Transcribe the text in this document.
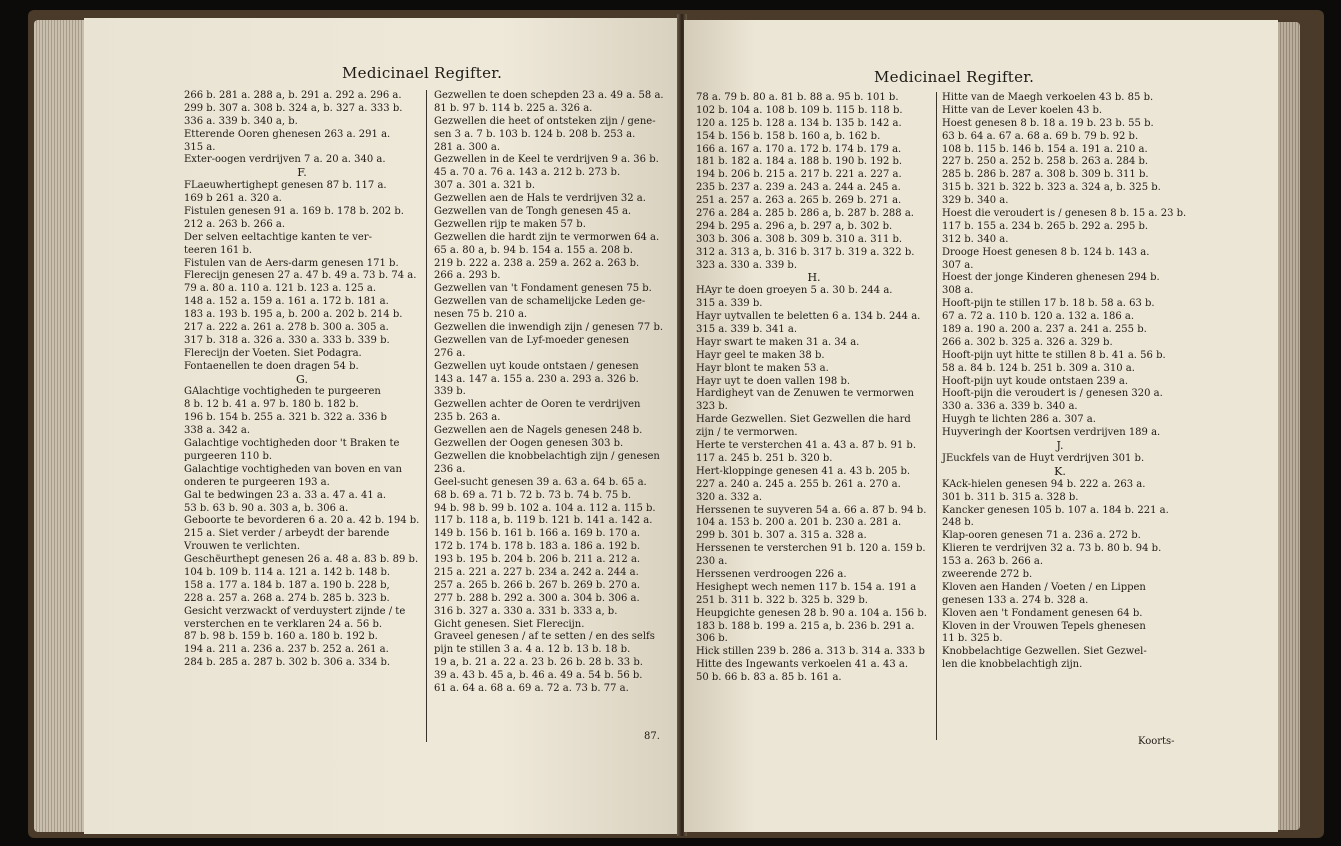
Medicinael Regifter.
266 b. 281 a. 288 a, b. 291 a. 292 a. 296 a.
299 b. 307 a. 308 b. 324 a, b. 327 a. 333 b.
336 a. 339 b. 340 a, b.
Etterende Ooren ghenesen 263 a. 291 a.
315 a.
Exter-oogen verdrijven 7 a. 20 a. 340 a.
F.
FLaeuwhertighept genesen 87 b. 117 a.
169 b 261 a. 320 a.
Fistulen genesen 91 a. 169 b. 178 b. 202 b.
212 a. 263 b. 266 a.
Der selven eeltachtige kanten te ver-
teeren 161 b.
Fistulen van de Aers-darm genesen 171 b.
Flerecijn genesen 27 a. 47 b. 49 a. 73 b. 74 a.
79 a. 80 a. 110 a. 121 b. 123 a. 125 a.
148 a. 152 a. 159 a. 161 a. 172 b. 181 a.
183 a. 193 b. 195 a, b. 200 a. 202 b. 214 b.
217 a. 222 a. 261 a. 278 b. 300 a. 305 a.
317 b. 318 a. 326 a. 330 a. 333 b. 339 b.
Flerecijn der Voeten. Siet Podagra.
Fontaenellen te doen dragen 54 b.
G.
GAlachtige vochtigheden te purgeeren
8 b. 12 b. 41 a. 97 b. 180 b. 182 b.
196 b. 154 b. 255 a. 321 b. 322 a. 336 b
338 a. 342 a.
Galachtige vochtigheden door 't Braken te
purgeeren 110 b.
Galachtige vochtigheden van boven en van
onderen te purgeeren 193 a.
Gal te bedwingen 23 a. 33 a. 47 a. 41 a.
53 b. 63 b. 90 a. 303 a, b. 306 a.
Geboorte te bevorderen 6 a. 20 a. 42 b. 194 b.
215 a. Siet verder / arbeydt der barende
Vrouwen te verlichten.
Geschëurthept genesen 26 a. 48 a. 83 b. 89 b.
104 b. 109 b. 114 a. 121 a. 142 b. 148 b.
158 a. 177 a. 184 b. 187 a. 190 b. 228 b,
228 a. 257 a. 268 a. 274 b. 285 b. 323 b.
Gesicht verzwackt of verduystert zijnde / te
versterchen en te verklaren 24 a. 56 b.
87 b. 98 b. 159 b. 160 a. 180 b. 192 b.
194 a. 211 a. 236 a. 237 b. 252 a. 261 a.
284 b. 285 a. 287 b. 302 b. 306 a. 334 b.
Gezwellen te doen schepden 23 a. 49 a. 58 a.
81 b. 97 b. 114 b. 225 a. 326 a.
Gezwellen die heet of ontsteken zijn / gene-
sen 3 a. 7 b. 103 b. 124 b. 208 b. 253 a.
281 a. 300 a.
Gezwellen in de Keel te verdrijven 9 a. 36 b.
45 a. 70 a. 76 a. 143 a. 212 b. 273 b.
307 a. 301 a. 321 b.
Gezwellen aen de Hals te verdrijven 32 a.
Gezwellen van de Tongh genesen 45 a.
Gezwellen rijp te maken 57 b.
Gezwellen die hardt zijn te vermorwen 64 a.
65 a. 80 a, b. 94 b. 154 a. 155 a. 208 b.
219 b. 222 a. 238 a. 259 a. 262 a. 263 b.
266 a. 293 b.
Gezwellen van 't Fondament genesen 75 b.
Gezwellen van de schamelijcke Leden ge-
nesen 75 b. 210 a.
Gezwellen die inwendigh zijn / genesen 77 b.
Gezwellen van de Lyf-moeder genesen
276 a.
Gezwellen uyt koude ontstaen / genesen
143 a. 147 a. 155 a. 230 a. 293 a. 326 b.
339 b.
Gezwellen achter de Ooren te verdrijven
235 b. 263 a.
Gezwellen aen de Nagels genesen 248 b.
Gezwellen der Oogen genesen 303 b.
Gezwellen die knobbelachtigh zijn / genesen
236 a.
Geel-sucht genesen 39 a. 63 a. 64 b. 65 a.
68 b. 69 a. 71 b. 72 b. 73 b. 74 b. 75 b.
94 b. 98 b. 99 b. 102 a. 104 a. 112 a. 115 b.
117 b. 118 a, b. 119 b. 121 b. 141 a. 142 a.
149 b. 156 b. 161 b. 166 a. 169 b. 170 a.
172 b. 174 b. 178 b. 183 a. 186 a. 192 b.
193 b. 195 b. 204 b. 206 b. 211 a. 212 a.
215 a. 221 a. 227 b. 234 a. 242 a. 244 a.
257 a. 265 b. 266 b. 267 b. 269 b. 270 a.
277 b. 288 b. 292 a. 300 a. 304 b. 306 a.
316 b. 327 a. 330 a. 331 b. 333 a, b.
Gicht genesen. Siet Flerecijn.
Graveel genesen / af te setten / en des selfs
pijn te stillen 3 a. 4 a. 12 b. 13 b. 18 b.
19 a, b. 21 a. 22 a. 23 b. 26 b. 28 b. 33 b.
39 a. 43 b. 45 a, b. 46 a. 49 a. 54 b. 56 b.
61 a. 64 a. 68 a. 69 a. 72 a. 73 b. 77 a.
87.
Medicinael Regifter.
78 a. 79 b. 80 a. 81 b. 88 a. 95 b. 101 b.
102 b. 104 a. 108 b. 109 b. 115 b. 118 b.
120 a. 125 b. 128 a. 134 b. 135 b. 142 a.
154 b. 156 b. 158 b. 160 a, b. 162 b.
166 a. 167 a. 170 a. 172 b. 174 b. 179 a.
181 b. 182 a. 184 a. 188 b. 190 b. 192 b.
194 b. 206 b. 215 a. 217 b. 221 a. 227 a.
235 b. 237 a. 239 a. 243 a. 244 a. 245 a.
251 a. 257 a. 263 a. 265 b. 269 b. 271 a.
276 a. 284 a. 285 b. 286 a, b. 287 b. 288 a.
294 b. 295 a. 296 a, b. 297 a, b. 302 b.
303 b. 306 a. 308 b. 309 b. 310 a. 311 b.
312 a. 313 a, b. 316 b. 317 b. 319 a. 322 b.
323 a. 330 a. 339 b.
H.
HAyr te doen groeyen 5 a. 30 b. 244 a.
315 a. 339 b.
Hayr uytvallen te beletten 6 a. 134 b. 244 a.
315 a. 339 b. 341 a.
Hayr swart te maken 31 a. 34 a.
Hayr geel te maken 38 b.
Hayr blont te maken 53 a.
Hayr uyt te doen vallen 198 b.
Hardigheyt van de Zenuwen te vermorwen
323 b.
Harde Gezwellen. Siet Gezwellen die hard
zijn / te vermorwen.
Herte te versterchen 41 a. 43 a. 87 b. 91 b.
117 a. 245 b. 251 b. 320 b.
Hert-kloppinge genesen 41 a. 43 b. 205 b.
227 a. 240 a. 245 a. 255 b. 261 a. 270 a.
320 a. 332 a.
Herssenen te suyveren 54 a. 66 a. 87 b. 94 b.
104 a. 153 b. 200 a. 201 b. 230 a. 281 a.
299 b. 301 b. 307 a. 315 a. 328 a.
Herssenen te versterchen 91 b. 120 a. 159 b.
230 a.
Herssenen verdroogen 226 a.
Hesighept wech nemen 117 b. 154 a. 191 a
251 b. 311 b. 322 b. 325 b. 329 b.
Heupgichte genesen 28 b. 90 a. 104 a. 156 b.
183 b. 188 b. 199 a. 215 a, b. 236 b. 291 a.
306 b.
Hick stillen 239 b. 286 a. 313 b. 314 a. 333 b
Hitte des Ingewants verkoelen 41 a. 43 a.
50 b. 66 b. 83 a. 85 b. 161 a.
Hitte van de Maegh verkoelen 43 b. 85 b.
Hitte van de Lever koelen 43 b.
Hoest genesen 8 b. 18 a. 19 b. 23 b. 55 b.
63 b. 64 a. 67 a. 68 a. 69 b. 79 b. 92 b.
108 b. 115 b. 146 b. 154 a. 191 a. 210 a.
227 b. 250 a. 252 b. 258 b. 263 a. 284 b.
285 b. 286 b. 287 a. 308 b. 309 b. 311 b.
315 b. 321 b. 322 b. 323 a. 324 a, b. 325 b.
329 b. 340 a.
Hoest die veroudert is / genesen 8 b. 15 a. 23 b.
117 b. 155 a. 234 b. 265 b. 292 a. 295 b.
312 b. 340 a.
Drooge Hoest genesen 8 b. 124 b. 143 a.
307 a.
Hoest der jonge Kinderen ghenesen 294 b.
308 a.
Hooft-pijn te stillen 17 b. 18 b. 58 a. 63 b.
67 a. 72 a. 110 b. 120 a. 132 a. 186 a.
189 a. 190 a. 200 a. 237 a. 241 a. 255 b.
266 a. 302 b. 325 a. 326 a. 329 b.
Hooft-pijn uyt hitte te stillen 8 b. 41 a. 56 b.
58 a. 84 b. 124 b. 251 b. 309 a. 310 a.
Hooft-pijn uyt koude ontstaen 239 a.
Hooft-pijn die veroudert is / genesen 320 a.
330 a. 336 a. 339 b. 340 a.
Huygh te lichten 286 a. 307 a.
Huyveringh der Koortsen verdrijven 189 a.
J.
JEuckfels van de Huyt verdrijven 301 b.
K.
KAck-hielen genesen 94 b. 222 a. 263 a.
301 b. 311 b. 315 a. 328 b.
Kancker genesen 105 b. 107 a. 184 b. 221 a.
248 b.
Klap-ooren genesen 71 a. 236 a. 272 b.
Klieren te verdrijven 32 a. 73 b. 80 b. 94 b.
153 a. 263 b. 266 a.
zweerende 272 b.
Kloven aen Handen / Voeten / en Lippen
genesen 133 a. 274 b. 328 a.
Kloven aen 't Fondament genesen 64 b.
Kloven in der Vrouwen Tepels ghenesen
11 b. 325 b.
Knobbelachtige Gezwellen. Siet Gezwel-
len die knobbelachtigh zijn.
Koorts-
